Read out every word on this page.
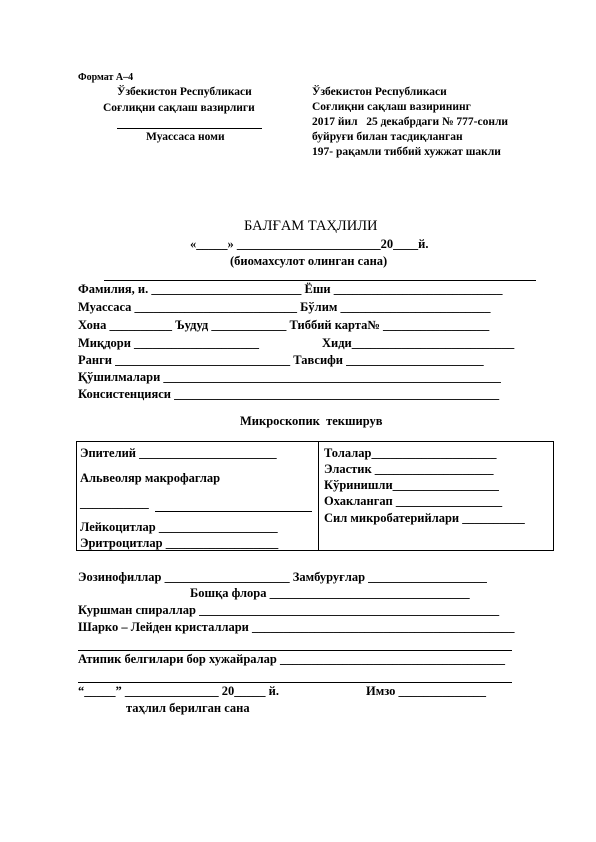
Формат А–4
Ўзбекистон Республикаси
Соғлиқни сақлаш вазирлиги
Муассаса номи
Ўзбекистон Республикаси
Соғлиқни сақлаш вазирининг
2017 йил   25 декабрдаги № 777-сонли
буйруғи билан тасдиқланган
197- рақамли тиббий хужжат шакли
БАЛҒАМ ТАҲЛИЛИ
«_____» _______________________20____й.
(биомахсулот олинган сана)
Фамилия, и. ________________________ Ёши ___________________________
Муассаса __________________________ Бўлим ________________________
Хона __________ Ъудуд ____________ Тиббий карта№ _________________
Миқдори ____________________	Хиди__________________________
Ранги ____________________________ Тавсифи ______________________
Қўшилмалари ______________________________________________________
Консистенцияси ____________________________________________________
Микроскопик  текширув
Эпителий ______________________
Альвеоляр макрофаглар
___________
Лейкоцитлар ___________________
Эритроцитлар __________________
Толалар____________________
Эластик ___________________
Кўринишли_________________
Охаклангап _________________
Сил микробатерийлари __________
Эозинофиллар ____________________ Замбуруғлар ___________________
Бошқа флора ________________________________
Куршман спираллар ________________________________________________
Шарко – Лейден кристаллари __________________________________________
Атипик белгилари бор хужайралар ____________________________________
“_____” _______________ 20_____ й.	Имзо ______________
таҳлил берилган сана
